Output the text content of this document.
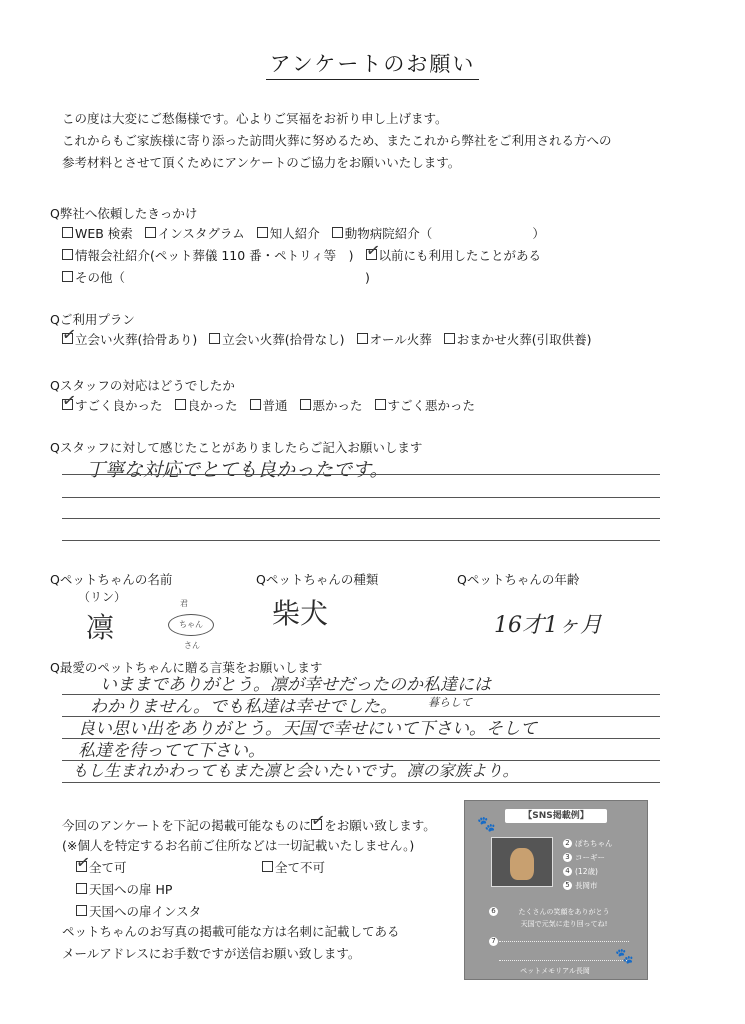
アンケートのお願い
この度は大変にご愁傷様です。心よりご冥福をお祈り申し上げます。
これからもご家族様に寄り添った訪問火葬に努めるため、またこれから弊社をご利用される方への
参考材料とさせて頂くためにアンケートのご協力をお願いいたします。
Q弊社へ依頼したきっかけ
WEB 検索 インスタグラム 知人紹介 動物病院紹介（	）
情報会社紹介(ペット葬儀 110 番・ペトリィ等　) ✓
以前にも利用したことがある
その他（	)
Qご利用プラン
✓
立会い火葬(拾骨あり) 立会い火葬(拾骨なし) オール火葬 おまかせ火葬(引取供養)
Qスタッフの対応はどうでしたか
✓
すごく良かった 良かった 普通 悪かった すごく悪かった
Qスタッフに対して感じたことがありましたらご記入お願いします
丁寧な対応でとても良かったです。
Qペットちゃんの名前	Qペットちゃんの種類	Qペットちゃんの年齢
（リン）
凛
君
ちゃん
さん
柴犬	16才1ヶ月
Q最愛のペットちゃんに贈る言葉をお願いします
いままでありがとう。凛が幸せだったのか私達には
わかりません。でも私達は幸せでした。	暮らして
良い思い出をありがとう。天国で幸せにいて下さい。そして
私達を待ってて下さい。
もし生まれかわってもまた凛と会いたいです。凛の家族より。
今回のアンケートを下記の掲載可能なものに
✓
をお願い致します。
(※個人を特定するお名前ご住所などは一切記載いたしません。)
✓
全て可	全て不可
天国への扉 HP
天国への扉インスタ
ペットちゃんのお写真の掲載可能な方は名刺に記載してある
メールアドレスにお手数ですが送信お願い致します。
🐾	【SNS掲載例】
2 ぽちちゃん
3 コーギー
4 (12歳)
5 長岡市
6	たくさんの笑顔をありがとう
天国で元気に走り回ってね!
7
ペットメモリアル長岡
🐾
